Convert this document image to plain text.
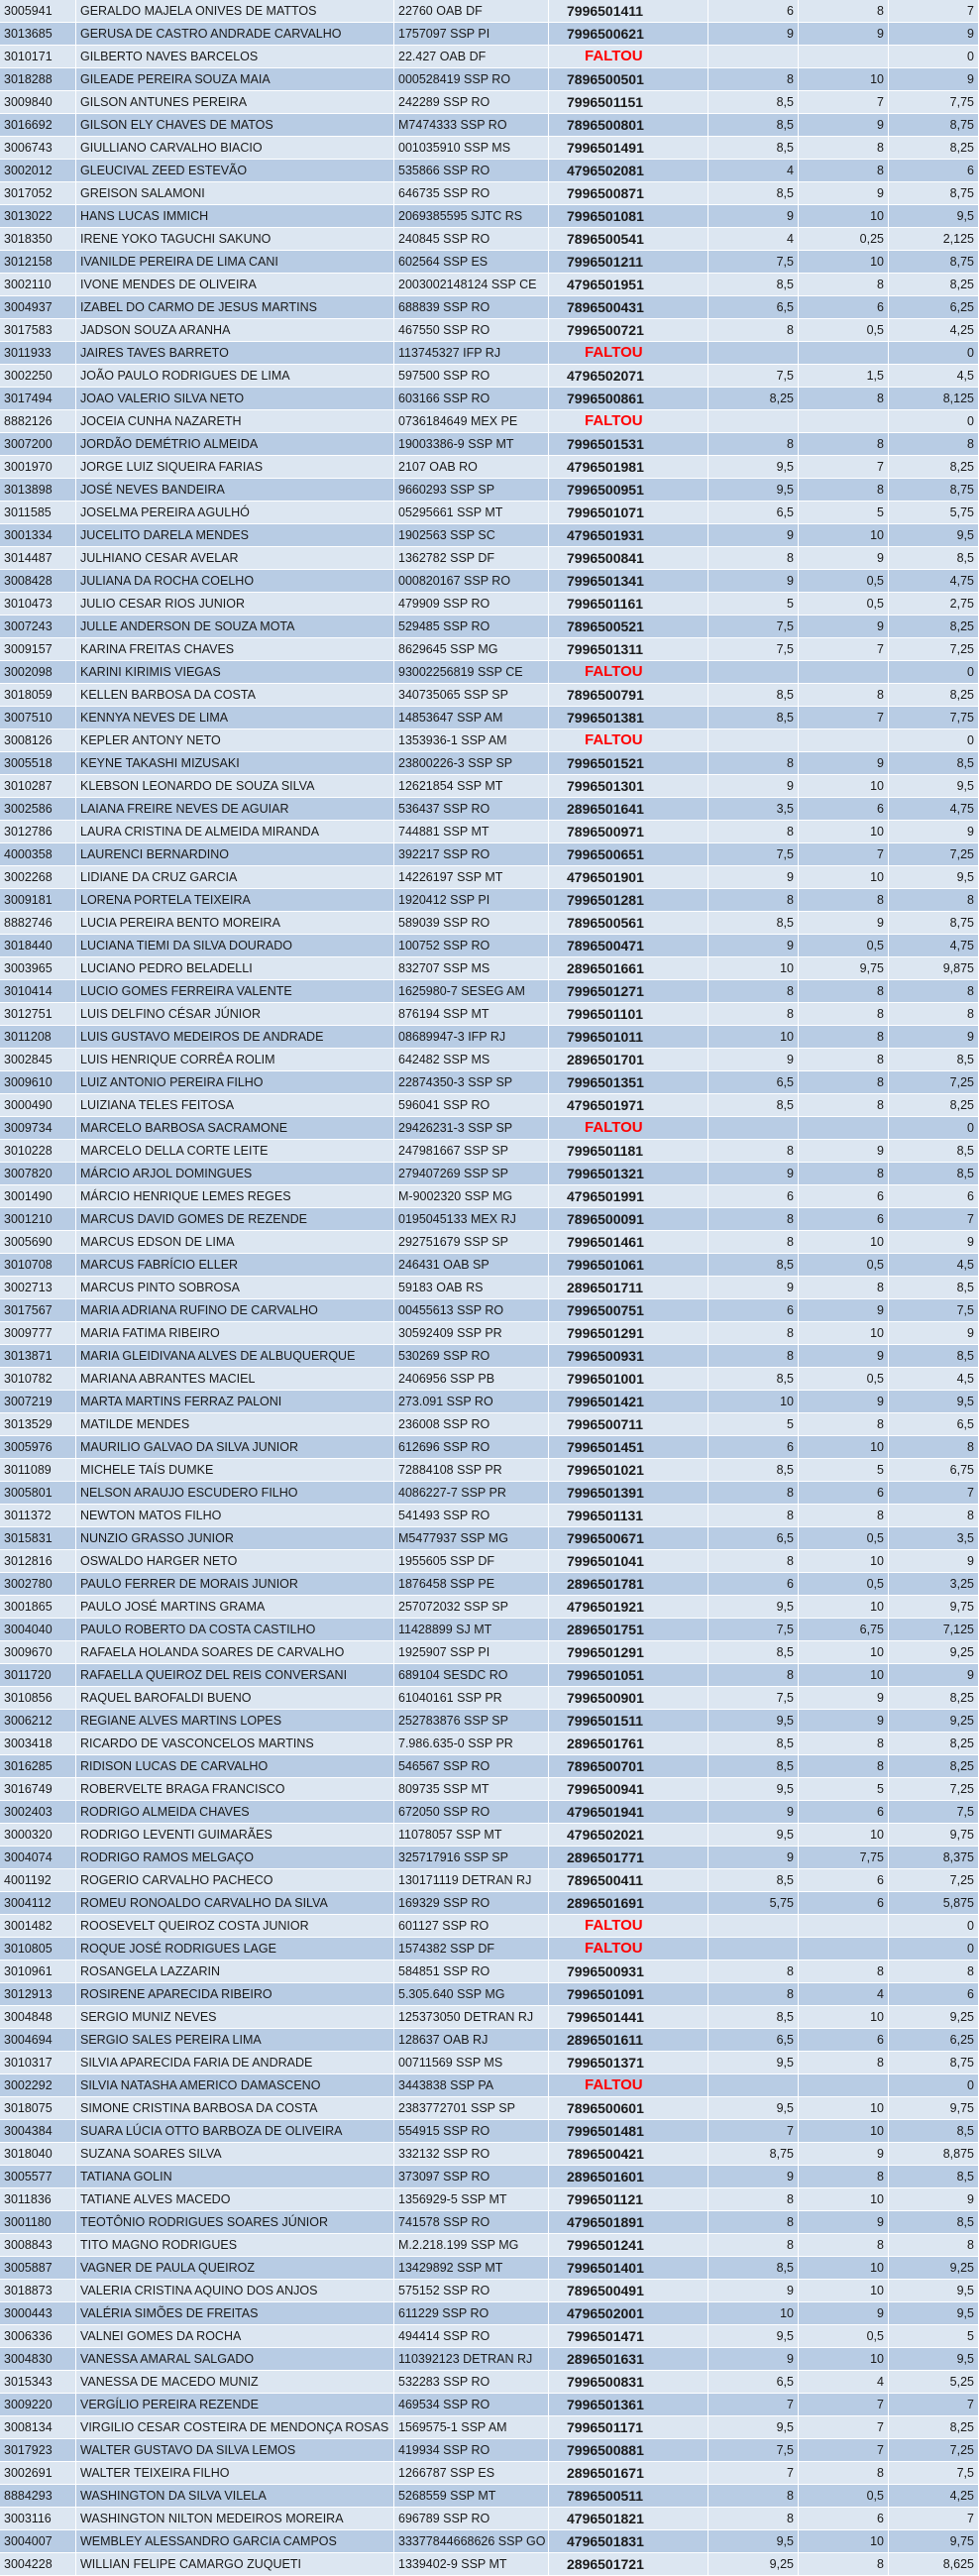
3005941	GERALDO MAJELA ONIVES DE MATTOS	22760 OAB DF	7996501411	6	8	7
3013685	GERUSA DE CASTRO ANDRADE CARVALHO	1757097 SSP PI	7996500621	9	9	9
3010171	GILBERTO NAVES BARCELOS	22.427 OAB DF	FALTOU			0
3018288	GILEADE PEREIRA SOUZA MAIA	000528419 SSP RO	7896500501	8	10	9
3009840	GILSON ANTUNES PEREIRA	242289 SSP RO	7996501151	8,5	7	7,75
3016692	GILSON ELY CHAVES DE MATOS	M7474333 SSP RO	7896500801	8,5	9	8,75
3006743	GIULLIANO CARVALHO BIACIO	001035910 SSP MS	7996501491	8,5	8	8,25
3002012	GLEUCIVAL ZEED ESTEVÃO	535866 SSP RO	4796502081	4	8	6
3017052	GREISON SALAMONI	646735 SSP RO	7996500871	8,5	9	8,75
3013022	HANS LUCAS IMMICH	2069385595 SJTC RS	7996501081	9	10	9,5
3018350	IRENE YOKO TAGUCHI SAKUNO	240845 SSP RO	7896500541	4	0,25	2,125
3012158	IVANILDE PEREIRA DE LIMA CANI	602564 SSP ES	7996501211	7,5	10	8,75
3002110	IVONE MENDES DE OLIVEIRA	2003002148124 SSP CE	4796501951	8,5	8	8,25
3004937	IZABEL DO CARMO DE JESUS MARTINS	688839 SSP RO	7896500431	6,5	6	6,25
3017583	JADSON SOUZA ARANHA	467550 SSP RO	7996500721	8	0,5	4,25
3011933	JAIRES TAVES BARRETO	113745327 IFP RJ	FALTOU			0
3002250	JOÃO PAULO RODRIGUES DE LIMA	597500 SSP RO	4796502071	7,5	1,5	4,5
3017494	JOAO VALERIO SILVA NETO	603166 SSP RO	7996500861	8,25	8	8,125
8882126	JOCEIA CUNHA NAZARETH	0736184649 MEX PE	FALTOU			0
3007200	JORDÃO DEMÉTRIO ALMEIDA	19003386-9 SSP MT	7996501531	8	8	8
3001970	JORGE LUIZ SIQUEIRA FARIAS	2107 OAB RO	4796501981	9,5	7	8,25
3013898	JOSÉ NEVES BANDEIRA	9660293 SSP SP	7996500951	9,5	8	8,75
3011585	JOSELMA PEREIRA AGULHÓ	05295661 SSP MT	7996501071	6,5	5	5,75
3001334	JUCELITO DARELA MENDES	1902563 SSP SC	4796501931	9	10	9,5
3014487	JULHIANO CESAR AVELAR	1362782 SSP DF	7996500841	8	9	8,5
3008428	JULIANA DA ROCHA COELHO	000820167 SSP RO	7996501341	9	0,5	4,75
3010473	JULIO CESAR RIOS JUNIOR	479909 SSP RO	7996501161	5	0,5	2,75
3007243	JULLE ANDERSON DE SOUZA MOTA	529485 SSP RO	7896500521	7,5	9	8,25
3009157	KARINA FREITAS CHAVES	8629645 SSP MG	7996501311	7,5	7	7,25
3002098	KARINI KIRIMIS VIEGAS	93002256819 SSP CE	FALTOU			0
3018059	KELLEN BARBOSA DA COSTA	340735065 SSP SP	7896500791	8,5	8	8,25
3007510	KENNYA NEVES DE LIMA	14853647 SSP AM	7996501381	8,5	7	7,75
3008126	KEPLER ANTONY NETO	1353936-1 SSP AM	FALTOU			0
3005518	KEYNE TAKASHI MIZUSAKI	23800226-3 SSP SP	7996501521	8	9	8,5
3010287	KLEBSON LEONARDO DE SOUZA SILVA	12621854 SSP MT	7996501301	9	10	9,5
3002586	LAIANA FREIRE NEVES DE AGUIAR	536437 SSP RO	2896501641	3,5	6	4,75
3012786	LAURA CRISTINA DE ALMEIDA MIRANDA	744881 SSP MT	7896500971	8	10	9
4000358	LAURENCI BERNARDINO	392217 SSP RO	7996500651	7,5	7	7,25
3002268	LIDIANE DA CRUZ GARCIA	14226197 SSP MT	4796501901	9	10	9,5
3009181	LORENA PORTELA TEIXEIRA	1920412 SSP PI	7996501281	8	8	8
8882746	LUCIA PEREIRA BENTO MOREIRA	589039 SSP RO	7896500561	8,5	9	8,75
3018440	LUCIANA TIEMI DA SILVA DOURADO	100752 SSP RO	7896500471	9	0,5	4,75
3003965	LUCIANO PEDRO BELADELLI	832707 SSP MS	2896501661	10	9,75	9,875
3010414	LUCIO GOMES FERREIRA VALENTE	1625980-7 SESEG AM	7996501271	8	8	8
3012751	LUIS DELFINO CÉSAR JÚNIOR	876194 SSP MT	7996501101	8	8	8
3011208	LUIS GUSTAVO MEDEIROS DE ANDRADE	08689947-3 IFP RJ	7996501011	10	8	9
3002845	LUIS HENRIQUE CORRÊA ROLIM	642482 SSP MS	2896501701	9	8	8,5
3009610	LUIZ ANTONIO PEREIRA FILHO	22874350-3 SSP SP	7996501351	6,5	8	7,25
3000490	LUIZIANA TELES FEITOSA	596041 SSP RO	4796501971	8,5	8	8,25
3009734	MARCELO BARBOSA SACRAMONE	29426231-3 SSP SP	FALTOU			0
3010228	MARCELO DELLA CORTE LEITE	247981667 SSP SP	7996501181	8	9	8,5
3007820	MÁRCIO ARJOL DOMINGUES	279407269 SSP SP	7996501321	9	8	8,5
3001490	MÁRCIO HENRIQUE LEMES REGES	M-9002320 SSP MG	4796501991	6	6	6
3001210	MARCUS DAVID GOMES DE REZENDE	0195045133 MEX RJ	7896500091	8	6	7
3005690	MARCUS EDSON DE LIMA	292751679 SSP SP	7996501461	8	10	9
3010708	MARCUS FABRÍCIO ELLER	246431 OAB SP	7996501061	8,5	0,5	4,5
3002713	MARCUS PINTO SOBROSA	59183 OAB RS	2896501711	9	8	8,5
3017567	MARIA ADRIANA RUFINO DE CARVALHO	00455613 SSP RO	7996500751	6	9	7,5
3009777	MARIA FATIMA RIBEIRO	30592409 SSP PR	7996501291	8	10	9
3013871	MARIA GLEIDIVANA ALVES DE ALBUQUERQUE	530269 SSP RO	7996500931	8	9	8,5
3010782	MARIANA ABRANTES MACIEL	2406956 SSP PB	7996501001	8,5	0,5	4,5
3007219	MARTA MARTINS FERRAZ PALONI	273.091 SSP RO	7996501421	10	9	9,5
3013529	MATILDE MENDES	236008 SSP RO	7996500711	5	8	6,5
3005976	MAURILIO GALVAO DA SILVA JUNIOR	612696 SSP RO	7996501451	6	10	8
3011089	MICHELE TAÍS DUMKE	72884108 SSP PR	7996501021	8,5	5	6,75
3005801	NELSON ARAUJO ESCUDERO FILHO	4086227-7 SSP PR	7996501391	8	6	7
3011372	NEWTON MATOS FILHO	541493 SSP RO	7996501131	8	8	8
3015831	NUNZIO GRASSO JUNIOR	M5477937 SSP MG	7996500671	6,5	0,5	3,5
3012816	OSWALDO HARGER NETO	1955605 SSP DF	7996501041	8	10	9
3002780	PAULO FERRER DE MORAIS JUNIOR	1876458 SSP PE	2896501781	6	0,5	3,25
3001865	PAULO JOSÉ MARTINS GRAMA	257072032 SSP SP	4796501921	9,5	10	9,75
3004040	PAULO ROBERTO DA COSTA CASTILHO	11428899 SJ MT	2896501751	7,5	6,75	7,125
3009670	RAFAELA HOLANDA SOARES DE CARVALHO	1925907 SSP PI	7996501291	8,5	10	9,25
3011720	RAFAELLA QUEIROZ DEL REIS CONVERSANI	689104 SESDC RO	7996501051	8	10	9
3010856	RAQUEL BAROFALDI BUENO	61040161 SSP PR	7996500901	7,5	9	8,25
3006212	REGIANE ALVES MARTINS LOPES	252783876 SSP SP	7996501511	9,5	9	9,25
3003418	RICARDO DE VASCONCELOS MARTINS	7.986.635-0 SSP PR	2896501761	8,5	8	8,25
3016285	RIDISON LUCAS DE CARVALHO	546567 SSP RO	7896500701	8,5	8	8,25
3016749	ROBERVELTE BRAGA FRANCISCO	809735 SSP MT	7996500941	9,5	5	7,25
3002403	RODRIGO ALMEIDA CHAVES	672050 SSP RO	4796501941	9	6	7,5
3000320	RODRIGO LEVENTI GUIMARÃES	11078057 SSP MT	4796502021	9,5	10	9,75
3004074	RODRIGO RAMOS MELGAÇO	325717916 SSP SP	2896501771	9	7,75	8,375
4001192	ROGERIO CARVALHO PACHECO	130171119 DETRAN RJ	7896500411	8,5	6	7,25
3004112	ROMEU RONOALDO CARVALHO DA SILVA	169329 SSP RO	2896501691	5,75	6	5,875
3001482	ROOSEVELT QUEIROZ COSTA JUNIOR	601127 SSP RO	FALTOU			0
3010805	ROQUE JOSÉ RODRIGUES LAGE	1574382 SSP DF	FALTOU			0
3010961	ROSANGELA LAZZARIN	584851 SSP RO	7996500931	8	8	8
3012913	ROSIRENE APARECIDA RIBEIRO	5.305.640 SSP MG	7996501091	8	4	6
3004848	SERGIO MUNIZ NEVES	125373050 DETRAN RJ	7996501441	8,5	10	9,25
3004694	SERGIO SALES PEREIRA LIMA	128637 OAB RJ	2896501611	6,5	6	6,25
3010317	SILVIA APARECIDA FARIA DE ANDRADE	00711569 SSP MS	7996501371	9,5	8	8,75
3002292	SILVIA NATASHA AMERICO DAMASCENO	3443838 SSP PA	FALTOU			0
3018075	SIMONE CRISTINA BARBOSA DA COSTA	2383772701 SSP SP	7896500601	9,5	10	9,75
3004384	SUARA LÚCIA OTTO BARBOZA DE OLIVEIRA	554915 SSP RO	7996501481	7	10	8,5
3018040	SUZANA SOARES SILVA	332132 SSP RO	7896500421	8,75	9	8,875
3005577	TATIANA GOLIN	373097 SSP RO	2896501601	9	8	8,5
3011836	TATIANE ALVES MACEDO	1356929-5 SSP MT	7996501121	8	10	9
3001180	TEOTÔNIO RODRIGUES SOARES JÚNIOR	741578 SSP RO	4796501891	8	9	8,5
3008843	TITO MAGNO RODRIGUES	M.2.218.199 SSP MG	7996501241	8	8	8
3005887	VAGNER DE PAULA QUEIROZ	13429892 SSP MT	7996501401	8,5	10	9,25
3018873	VALERIA CRISTINA AQUINO DOS ANJOS	575152 SSP RO	7896500491	9	10	9,5
3000443	VALÉRIA SIMÕES DE FREITAS	611229 SSP RO	4796502001	10	9	9,5
3006336	VALNEI GOMES DA ROCHA	494414 SSP RO	7996501471	9,5	0,5	5
3004830	VANESSA AMARAL SALGADO	110392123 DETRAN RJ	2896501631	9	10	9,5
3015343	VANESSA DE MACEDO MUNIZ	532283 SSP RO	7996500831	6,5	4	5,25
3009220	VERGÍLIO PEREIRA REZENDE	469534 SSP RO	7996501361	7	7	7
3008134	VIRGILIO CESAR COSTEIRA DE MENDONÇA ROSAS	1569575-1 SSP AM	7996501171	9,5	7	8,25
3017923	WALTER GUSTAVO DA SILVA LEMOS	419934 SSP RO	7996500881	7,5	7	7,25
3002691	WALTER TEIXEIRA FILHO	1266787 SSP ES	2896501671	7	8	7,5
8884293	WASHINGTON DA SILVA VILELA	5268559 SSP MT	7896500511	8	0,5	4,25
3003116	WASHINGTON NILTON MEDEIROS MOREIRA	696789 SSP RO	4796501821	8	6	7
3004007	WEMBLEY ALESSANDRO GARCIA CAMPOS	33377844668626 SSP GO	4796501831	9,5	10	9,75
3004228	WILLIAN FELIPE CAMARGO ZUQUETI	1339402-9 SSP MT	2896501721	9,25	8	8,625
